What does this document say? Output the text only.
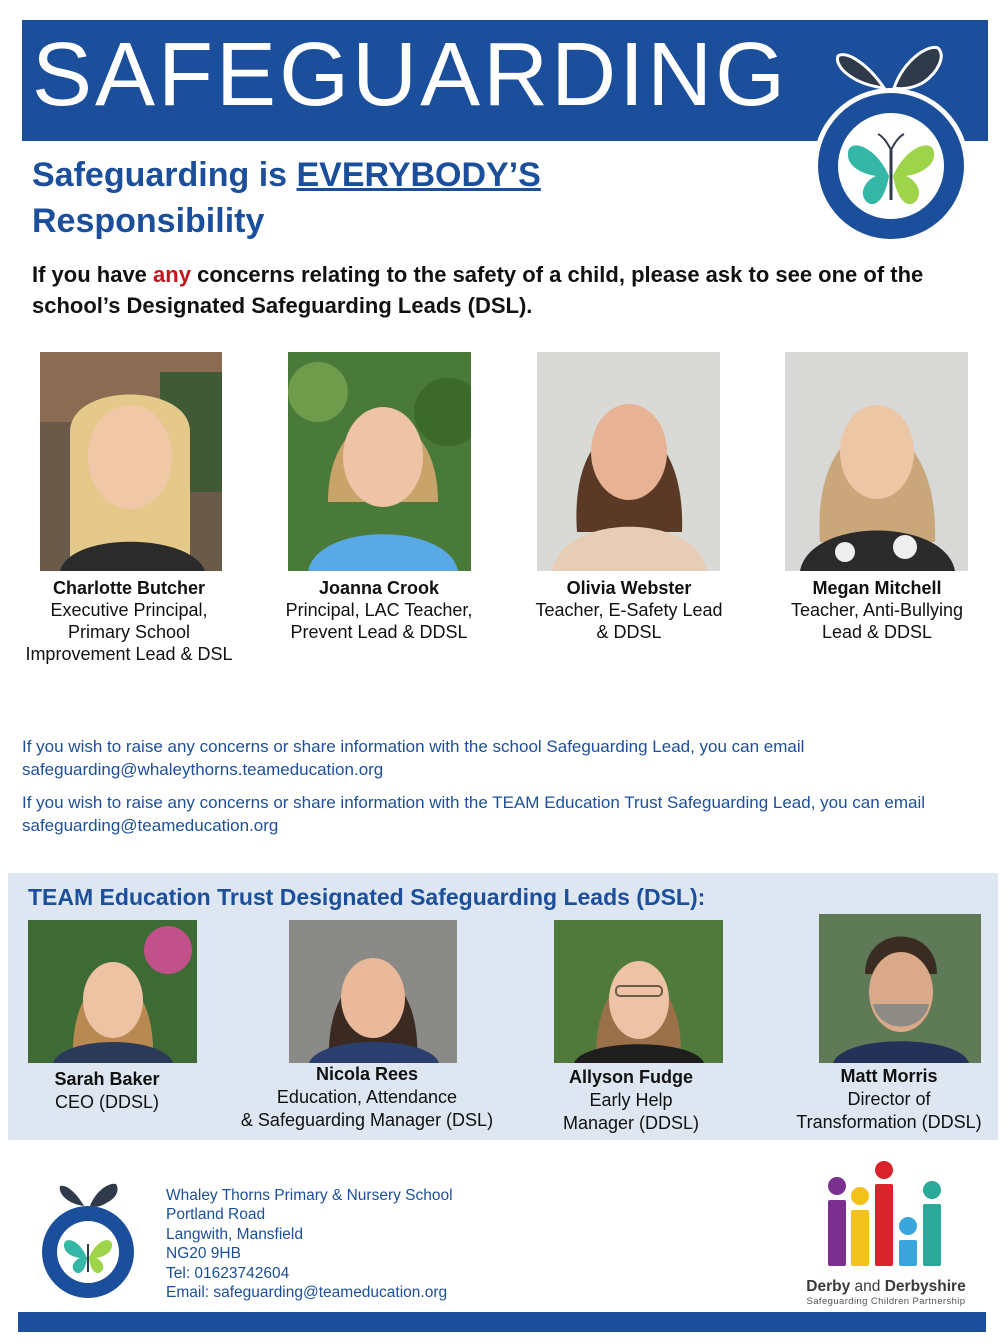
SAFEGUARDING
Safeguarding is EVERYBODY’S
Responsibility
If you have any concerns relating to the safety of a child, please ask to see one of the school’s Designated Safeguarding Leads (DSL).
Charlotte Butcher
Executive Principal,
Primary School
Improvement Lead & DSL
Joanna Crook
Principal, LAC Teacher,
Prevent Lead & DDSL
Olivia Webster
Teacher, E-Safety Lead
& DDSL
Megan Mitchell
Teacher, Anti-Bullying
Lead & DDSL
If you wish to raise any concerns or share information with the school Safeguarding Lead, you can email safeguarding@whaleythorns.teameducation.org
If you wish to raise any concerns or share information with the TEAM Education Trust Safeguarding Lead, you can email safeguarding@teameducation.org
TEAM Education Trust Designated Safeguarding Leads (DSL):
Sarah Baker
CEO (DDSL)
Nicola Rees
Education, Attendance
& Safeguarding Manager (DSL)
Allyson Fudge
Early Help
Manager (DDSL)
Matt Morris
Director of
Transformation (DDSL)
Whaley Thorns Primary & Nursery School
Portland Road
Langwith, Mansfield
NG20 9HB
Tel: 01623742604
Email: safeguarding@teameducation.org	Derby and Derbyshire
Safeguarding Children Partnership
